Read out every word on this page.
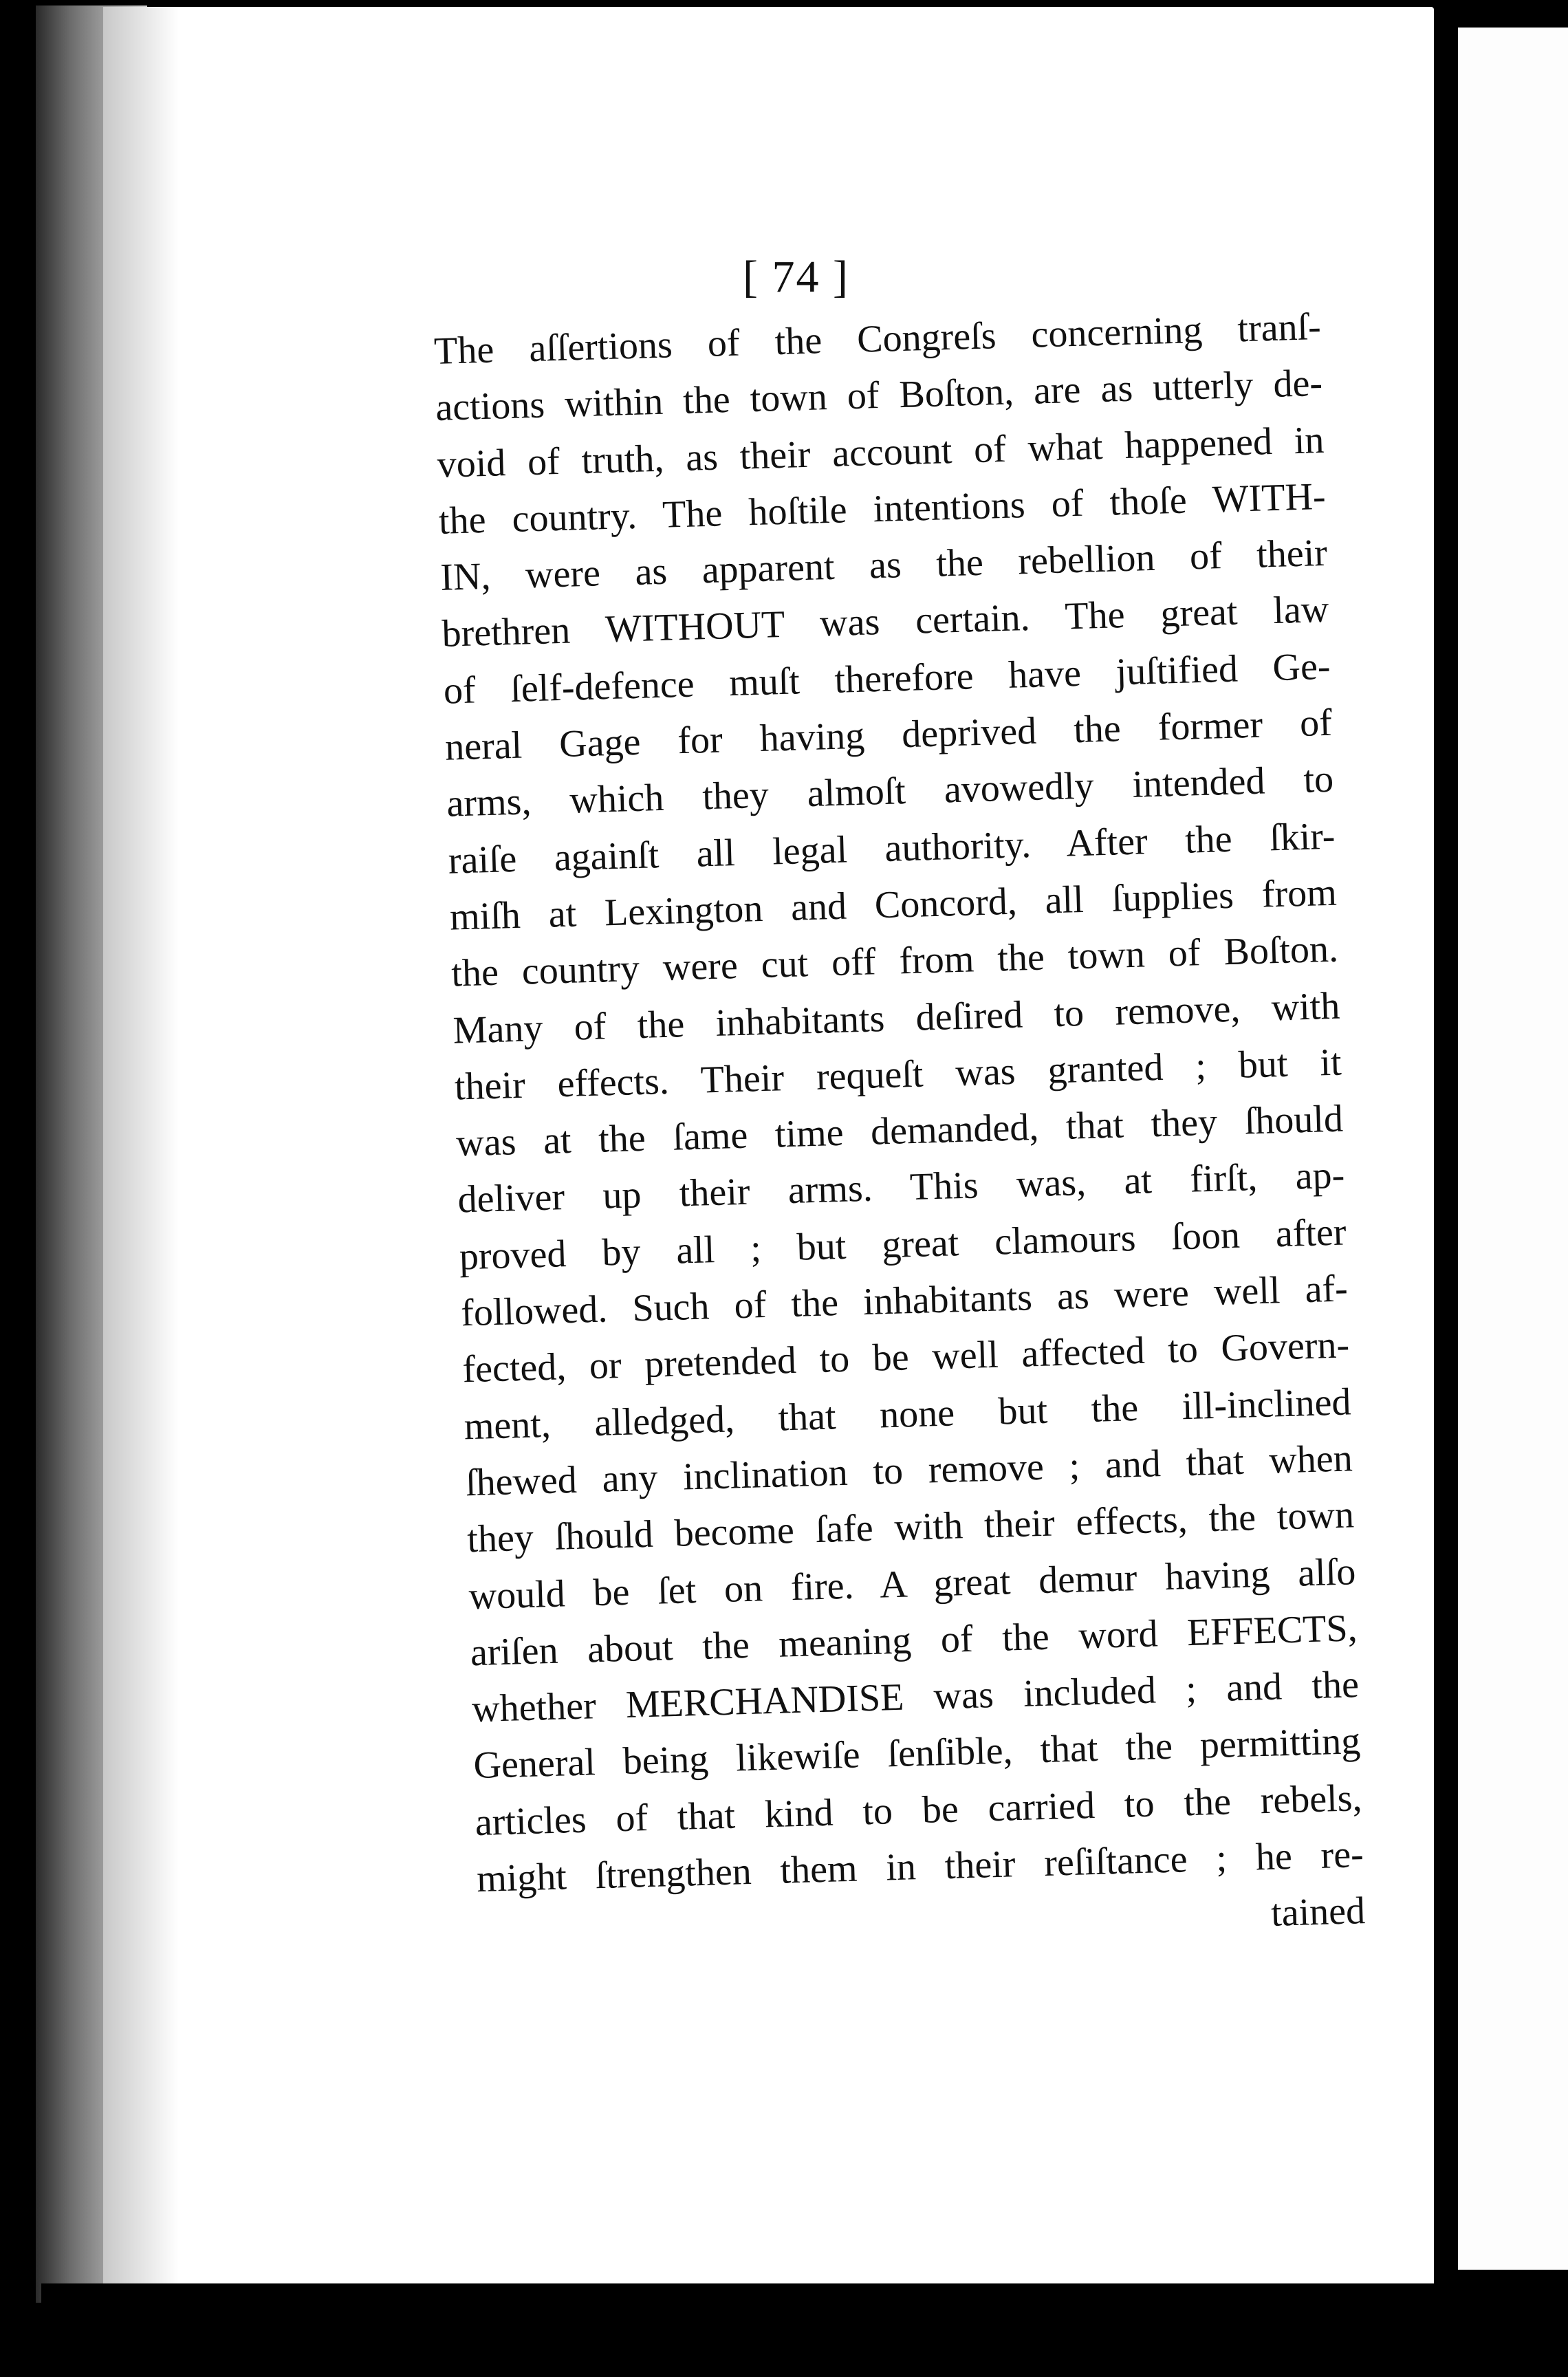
[ 74 ]
The aſſertions of the Congreſs concerning tranſ-
actions within the town of Boſton, are as utterly de-
void of truth, as their account of what happened in
the country. The hoſtile intentions of thoſe WITH-
IN, were as apparent as the rebellion of their
brethren WITHOUT was certain. The great law
of ſelf-defence muſt therefore have juſtified Ge-
neral Gage for having deprived the former of
arms, which they almoſt avowedly intended to
raiſe againſt all legal authority. After the ſkir-
miſh at Lexington and Concord, all ſupplies from
the country were cut off from the town of Boſton.
Many of the inhabitants deſired to remove, with
their effects. Their requeſt was granted ; but it
was at the ſame time demanded, that they ſhould
deliver up their arms. This was, at firſt, ap-
proved by all ; but great clamours ſoon after
followed. Such of the inhabitants as were well af-
fected, or pretended to be well affected to Govern-
ment, alledged, that none but the ill-inclined
ſhewed any inclination to remove ; and that when
they ſhould become ſafe with their effects, the town
would be ſet on fire. A great demur having alſo
ariſen about the meaning of the word EFFECTS,
whether MERCHANDISE was included ; and the
General being likewiſe ſenſible, that the permitting
articles of that kind to be carried to the rebels,
might ſtrengthen them in their reſiſtance ; he re-
tained
